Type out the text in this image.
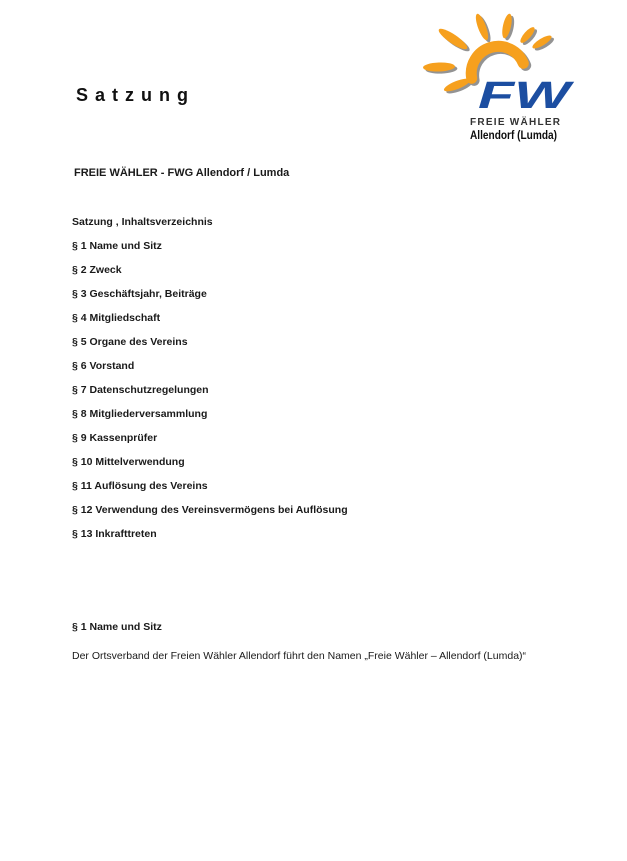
S a t z u n g	FW
FREIE WÄHLER
Allendorf (Lumda)
FREIE WÄHLER - FWG Allendorf / Lumda
Satzung , Inhaltsverzeichnis
§ 1 Name und Sitz
§ 2 Zweck
§ 3 Geschäftsjahr, Beiträge
§ 4 Mitgliedschaft
§ 5 Organe des Vereins
§ 6 Vorstand
§ 7 Datenschutzregelungen
§ 8 Mitgliederversammlung
§ 9 Kassenprüfer
§ 10 Mittelverwendung
§ 11 Auflösung des Vereins
§ 12 Verwendung des Vereinsvermögens bei Auflösung
§ 13 Inkrafttreten
§ 1 Name und Sitz
Der Ortsverband der Freien Wähler Allendorf führt den Namen „Freie Wähler – Allendorf (Lumda)“
